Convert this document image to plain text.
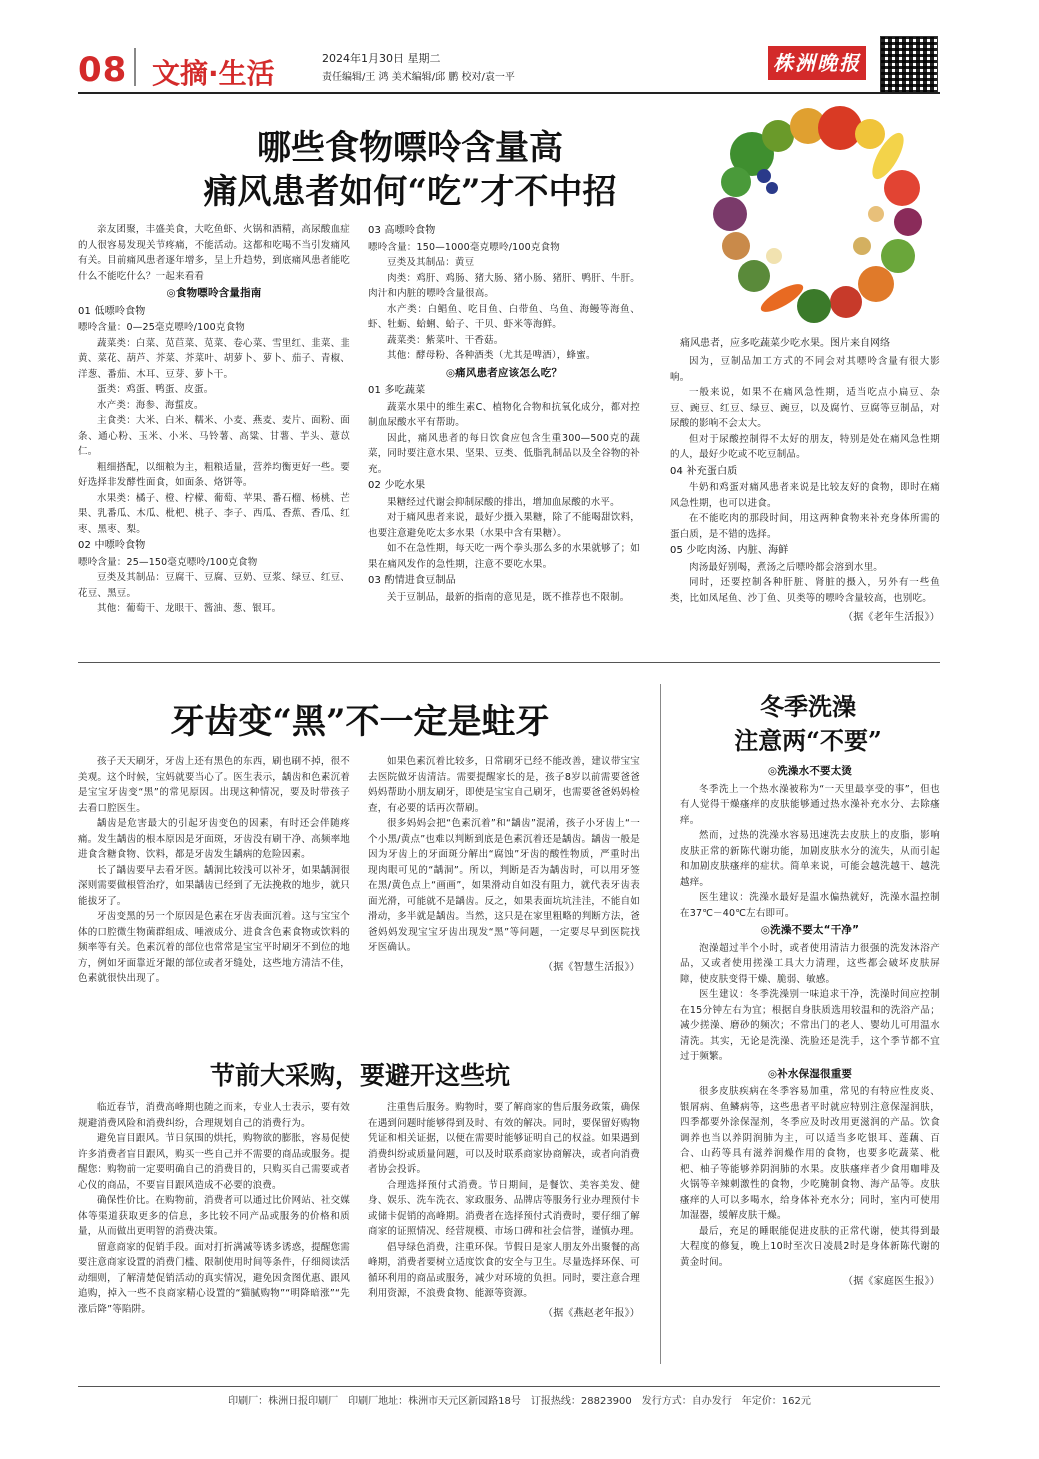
08 文摘·生活	2024年1月30日 星期二
责任编辑/王 鸿 美术编辑/邱 鹏 校对/袁一平
株洲晚报
哪些食物嘌呤含量高
痛风患者如何“吃”才不中招
痛风患者，应多吃蔬菜少吃水果。图片来自网络

亲友团聚，丰盛美食，大吃鱼虾、火锅和酒精，高尿酸血症的人很容易发现关节疼痛，不能活动。这都和吃喝不当引发痛风有关。目前痛风患者逐年增多，呈上升趋势，到底痛风患者能吃什么不能吃什么？一起来看看

◎食物嘌呤含量指南

01 低嘌呤食物

嘌呤含量：0—25毫克嘌呤/100克食物

蔬菜类：白菜、苋苣菜、苋菜、卷心菜、雪里红、韭菜、韭黄、菜花、葫芦、芥菜、芥菜叶、胡萝卜、萝卜、茄子、青椒、洋葱、番茄、木耳、豆芽、萝卜干。

蛋类：鸡蛋、鸭蛋、皮蛋。

水产类：海参、海蜇皮。

主食类：大米、白米、糯米、小麦、燕麦、麦片、面粉、面条、通心粉、玉米、小米、马铃薯、高粱、甘薯、芋头、薏苡仁。

粗细搭配，以细粮为主，粗粮适量，营养均衡更好一些。要好选择非发酵性面食，如面条、烙饼等。

水果类：橘子、橙、柠檬、葡萄、苹果、番石榴、杨桃、芒果、乳番瓜、木瓜、枇杷、桃子、李子、西瓜、香蕉、香瓜、红枣、黑枣、梨。

02 中嘌呤食物

嘌呤含量：25—150毫克嘌呤/100克食物

豆类及其制品：豆腐干、豆腐、豆奶、豆浆、绿豆、红豆、花豆、黑豆。

其他：葡萄干、龙眼干、酱油、葱、银耳。

03 高嘌呤食物

嘌呤含量：150—1000毫克嘌呤/100克食物

豆类及其制品：黄豆

肉类：鸡肝、鸡肠、猪大肠、猪小肠、猪肝、鸭肝、牛肝。肉汁和内脏的嘌呤含量很高。

水产类：白鲳鱼、吃目鱼、白带鱼、乌鱼、海鳗等海鱼、虾、牡蛎、蛤蜊、蛤子、干贝、虾米等海鲜。

蔬菜类：紫菜叶、干香菇。

其他：酵母粉、各种酒类（尤其是啤酒），蜂蜜。

◎痛风患者应该怎么吃？

01 多吃蔬菜

蔬菜水果中的维生素C、植物化合物和抗氧化成分，都对控制血尿酸水平有帮助。

因此，痛风患者的每日饮食应包含生重300—500克的蔬菜，同时要注意水果、坚果、豆类、低脂乳制品以及全谷物的补充。

02 少吃水果

果糖经过代谢会抑制尿酸的排出，增加血尿酸的水平。

对于痛风患者来说，最好少摄入果糖，除了不能喝甜饮料，也要注意避免吃太多水果（水果中含有果糖）。

如不在急性期，每天吃一两个拳头那么多的水果就够了；如果在痛风发作的急性期，注意不要吃水果。

03 酌情进食豆制品

关于豆制品，最新的指南的意见是，既不推荐也不限制。

因为，豆制品加工方式的不同会对其嘌呤含量有很大影响。

一般来说，如果不在痛风急性期，适当吃点小扁豆、杂豆、豌豆、红豆、绿豆、豌豆，以及腐竹、豆腐等豆制品，对尿酸的影响不会太大。

但对于尿酸控制得不太好的朋友，特别是处在痛风急性期的人，最好少吃或不吃豆制品。

04 补充蛋白质

牛奶和鸡蛋对痛风患者来说是比较友好的食物，即时在痛风急性期，也可以进食。

在不能吃肉的那段时间，用这两种食物来补充身体所需的蛋白质，是不错的选择。

05 少吃肉汤、内脏、海鲜

肉汤最好别喝，煮汤之后嘌呤都会溶到水里。

同时，还要控制各种肝脏、肾脏的摄入，另外有一些鱼类，比如凤尾鱼、沙丁鱼、贝类等的嘌呤含量较高，也别吃。

（据《老年生活报》）

牙齿变“黑”不一定是蛀牙

孩子天天刷牙，牙齿上还有黑色的东西，刷也刷不掉，很不美观。这个时候，宝妈就要当心了。医生表示，龋齿和色素沉着是宝宝牙齿变“黑”的常见原因。出现这种情况，要及时带孩子去看口腔医生。

龋齿是危害最大的引起牙齿变色的因素，有时还会伴随疼痛。发生龋齿的根本原因是牙面斑，牙齿没有刷干净、高频率地进食含糖食物、饮料，都是牙齿发生龋病的危险因素。

长了龋齿要早去看牙医。龋洞比较浅可以补牙，如果龋洞很深则需要做根管治疗，如果龋齿已经到了无法挽救的地步，就只能拔牙了。

牙齿变黑的另一个原因是色素在牙齿表面沉着。这与宝宝个体的口腔微生物菌群组成、唾液成分、进食含色素食物或饮料的频率等有关。色素沉着的部位也常常是宝宝平时刷牙不到位的地方，例如牙面靠近牙龈的部位或者牙缝处，这些地方清洁不佳，色素就很快出现了。

如果色素沉着比较多，日常刷牙已经不能改善，建议带宝宝去医院做牙齿清洁。需要提醒家长的是，孩子8岁以前需要爸爸妈妈帮助小朋友刷牙，即使是宝宝自己刷牙，也需要爸爸妈妈检查，有必要的话再次帮刷。

很多妈妈会把“色素沉着”和“龋齿”混淆，孩子小牙齿上“一个小黑/黄点”也难以判断到底是色素沉着还是龋齿。龋齿一般是因为牙齿上的牙面斑分解出“腐蚀”牙齿的酸性物质，严重时出现肉眼可见的“龋洞”。所以，判断是否为龋齿时，可以用牙签在黑/黄色点上“画画”，如果滑动自如没有阻力，就代表牙齿表面光滑，可能就不是龋齿。反之，如果表面坑坑洼洼，不能自如滑动，多半就是龋齿。当然，这只是在家里粗略的判断方法，爸爸妈妈发现宝宝牙齿出现发“黑”等问题，一定要尽早到医院找牙医确认。

（据《智慧生活报》）

节前大采购，要避开这些坑

临近春节，消费高峰期也随之而来，专业人士表示，要有效规避消费风险和消费纠纷，合理规划自己的消费行为。

避免盲目跟风。节日氛围的烘托，购物欲的膨胀，容易促使许多消费者盲目跟风，购买一些自己并不需要的商品或服务。提醒您：购物前一定要明确自己的消费目的，只购买自己需要或者心仪的商品，不要盲目跟风造成不必要的浪费。

确保性价比。在购物前，消费者可以通过比价网站、社交媒体等渠道获取更多的信息，多比较不同产品或服务的价格和质量，从而做出更明智的消费决策。

留意商家的促销手段。面对打折满减等诱多诱惑，提醒您需要注意商家设置的消费门槛、限制使用时间等条件，仔细阅读活动细则，了解清楚促销活动的真实情况，避免因贪图优惠、跟风追购，掉入一些不良商家精心设置的“猫腻购物”“明降暗涨”“先涨后降”等陷阱。

注重售后服务。购物时，要了解商家的售后服务政策，确保在遇到问题时能够得到及时、有效的解决。同时，要保留好购物凭证和相关证据，以便在需要时能够证明自己的权益。如果遇到消费纠纷或质量问题，可以及时联系商家协商解决，或者向消费者协会投诉。

合理选择预付式消费。节日期间，是餐饮、美容美发、健身、娱乐、洗车洗衣、家政服务、品牌店等服务行业办理预付卡或储卡促销的高峰期。消费者在选择预付式消费时，要仔细了解商家的证照情况、经营规模、市场口碑和社会信誉，谨慎办理。

倡导绿色消费，注重环保。节假日是家人朋友外出聚餐的高峰期，消费者要树立适度饮食的安全与卫生。尽量选择环保、可循环利用的商品或服务，减少对环境的负担。同时，要注意合理利用资源，不浪费食物、能源等资源。

（据《燕赵老年报》）

冬季洗澡
注意两“不要”

◎洗澡水不要太烫

冬季洗上一个热水澡被称为“一天里最享受的事”，但也有人觉得干燥瘙痒的皮肤能够通过热水澡补充水分、去除瘙痒。

然而，过热的洗澡水容易迅速洗去皮肤上的皮脂，影响皮肤正常的新陈代谢功能，加剧皮肤水分的流失，从而引起和加剧皮肤瘙痒的症状。简单来说，可能会越洗越干、越洗越痒。

医生建议：洗澡水最好是温水偏热就好，洗澡水温控制在37℃－40℃左右即可。

◎洗澡不要太“干净”

泡澡超过半个小时，或者使用清洁力很强的洗发沐浴产品，又或者使用搓澡工具大力清理，这些都会破坏皮肤屏障，使皮肤变得干燥、脆弱、敏感。

医生建议：冬季洗澡别一味追求干净，洗澡时间应控制在15分钟左右为宜；根据自身肤质选用较温和的洗浴产品；减少搓澡、磨砂的频次；不常出门的老人、婴幼儿可用温水清洗。其实，无论是洗澡、洗脸还是洗手，这个季节都不宜过于频繁。

◎补水保湿很重要

很多皮肤疾病在冬季容易加重，常见的有特应性皮炎、银屑病、鱼鳞病等，这些患者平时就应特别注意保湿润肤，四季都要外涂保湿剂，冬季应及时改用更滋润的产品。饮食调养也当以养阴润肺为主，可以适当多吃银耳、莲藕、百合、山药等具有滋养润燥作用的食物，也要多吃蔬菜、枇杷、柚子等能够养阴润肺的水果。皮肤瘙痒者少食用咖啡及火锅等辛辣刺激性的食物，少吃腌制食物、海产品等。皮肤瘙痒的人可以多喝水，给身体补充水分；同时，室内可使用加湿器，缓解皮肤干燥。

最后，充足的睡眠能促进皮肤的正常代谢，使其得到最大程度的修复，晚上10时至次日凌晨2时是身体新陈代谢的黄金时间。

（据《家庭医生报》）

印刷厂：株洲日报印刷厂　印刷厂地址：株洲市天元区新园路18号　订报热线：28823900　发行方式：自办发行　年定价：162元
